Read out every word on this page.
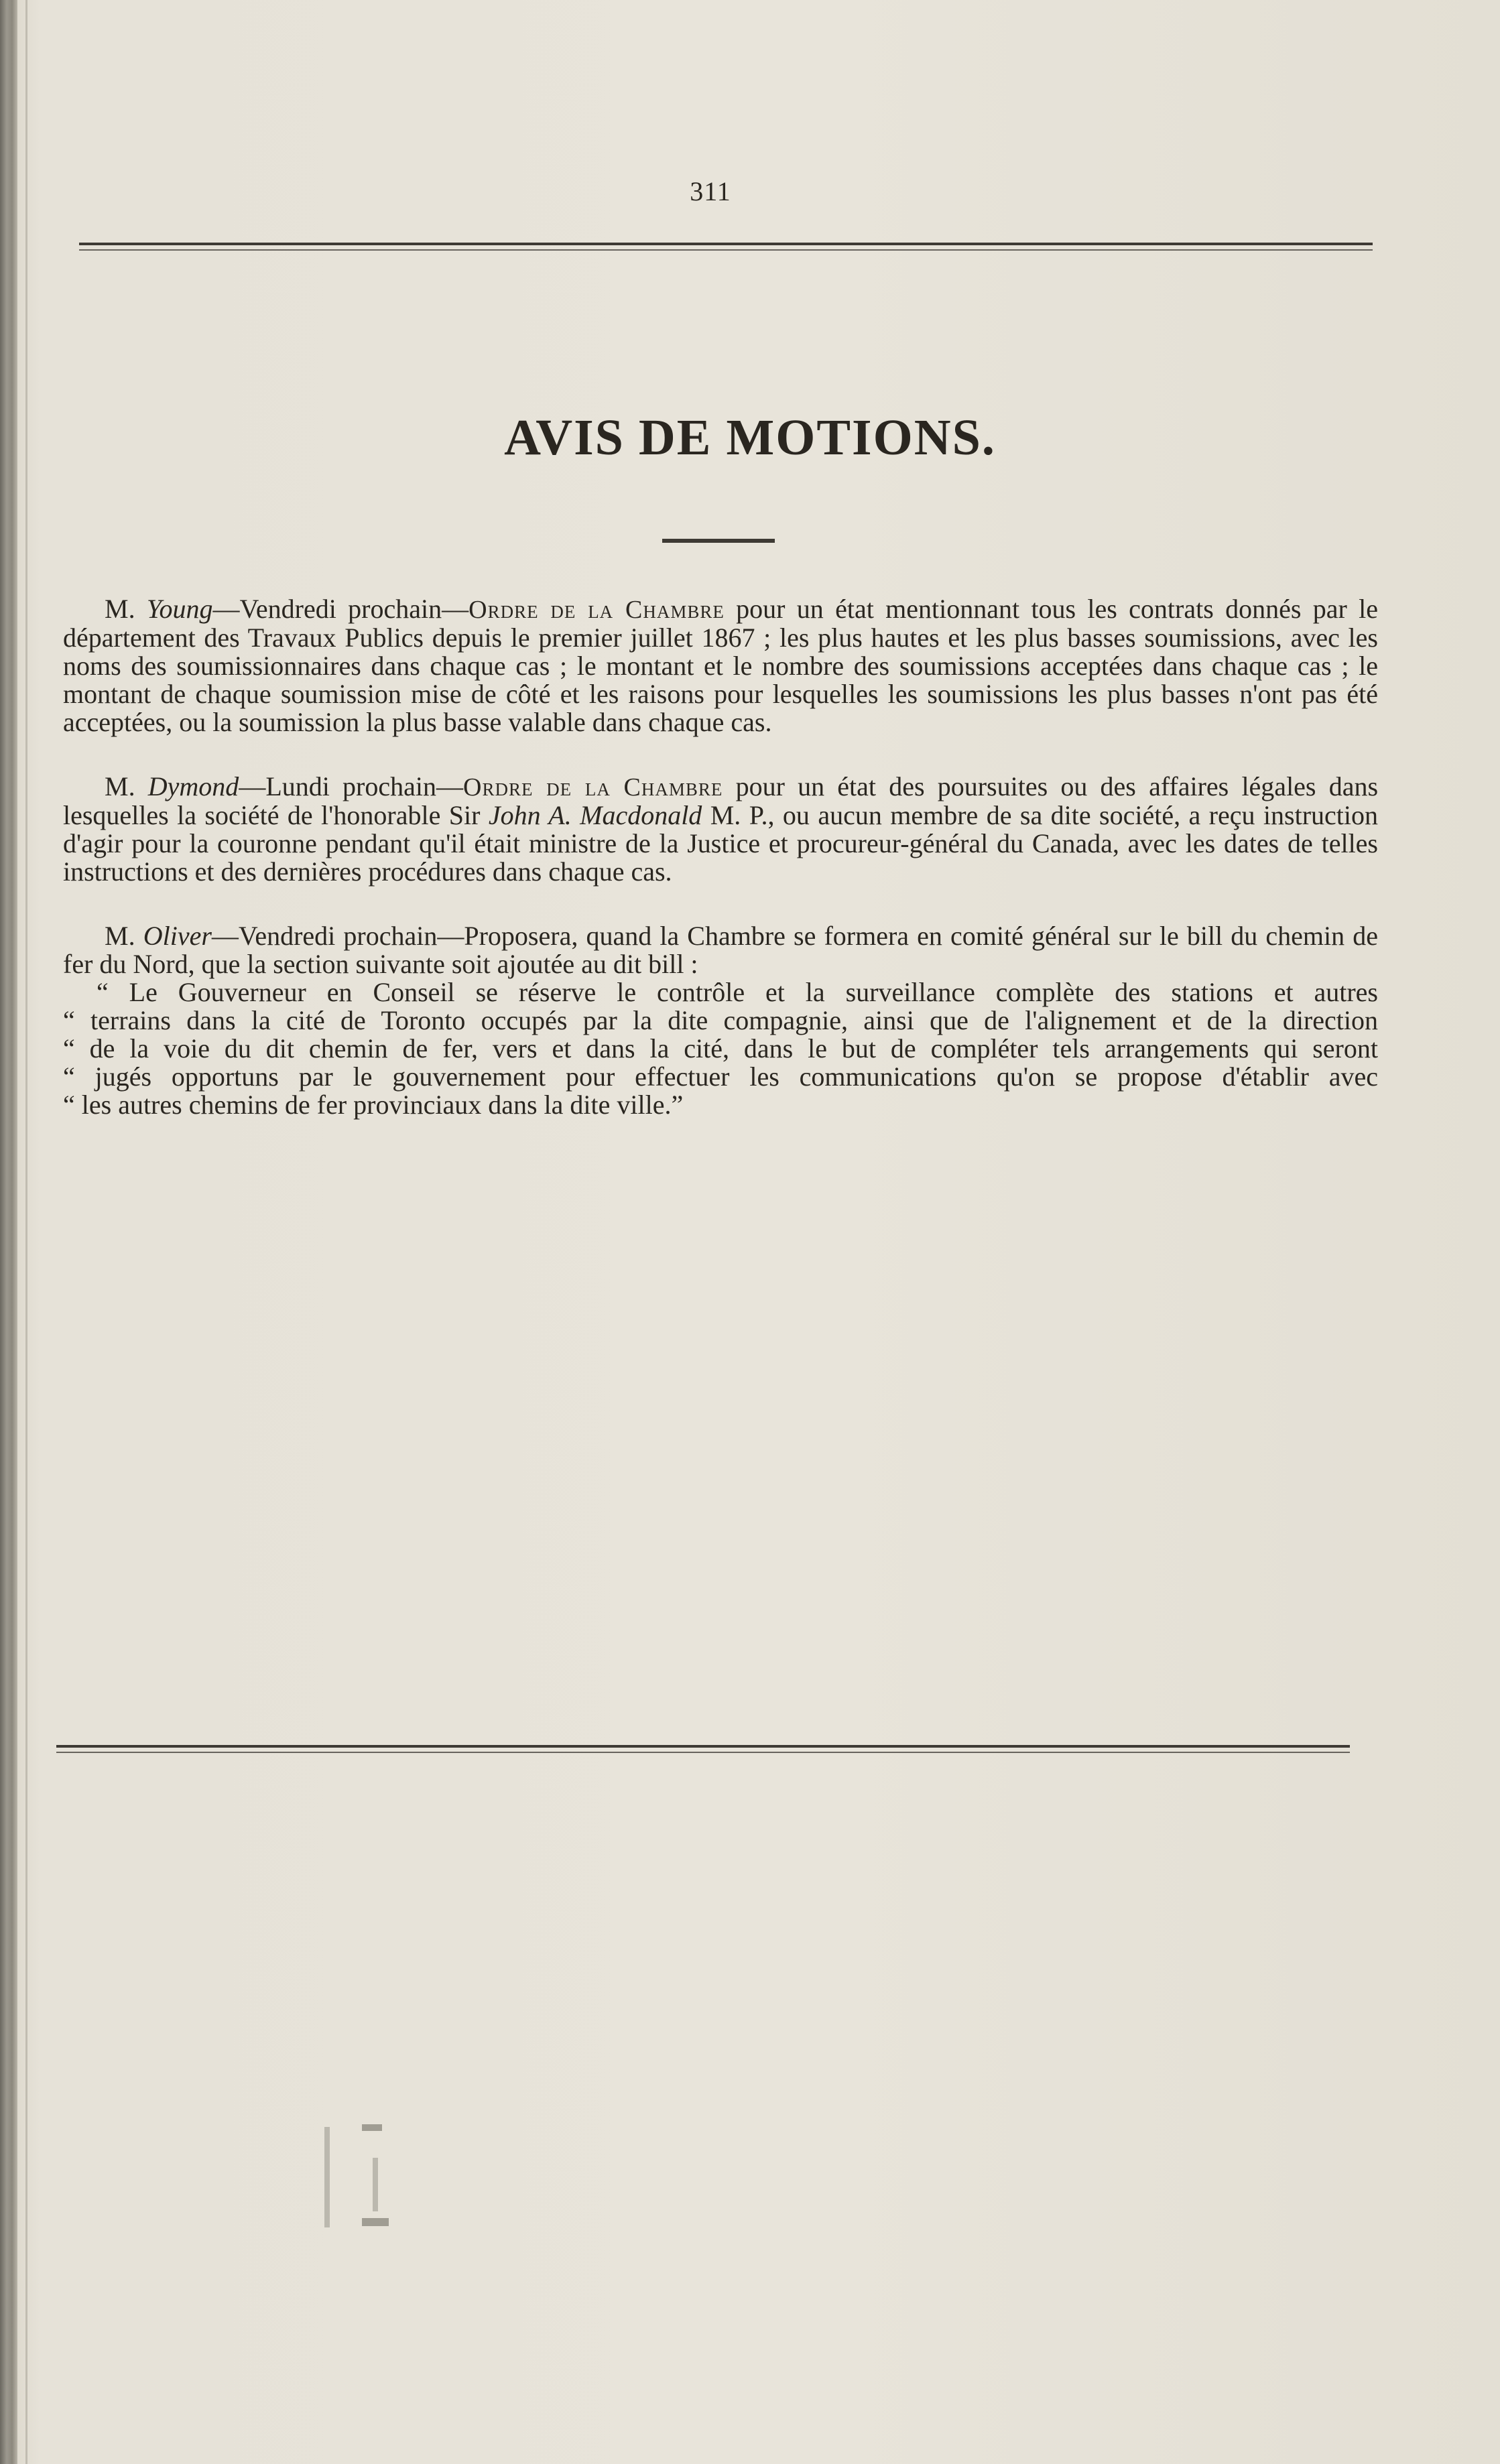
311
AVIS DE MOTIONS.

M. Young—Vendredi prochain—Ordre de la Chambre pour un état mentionnant tous les contrats donnés par le département des Travaux Publics depuis le premier juillet 1867 ; les plus hautes et les plus basses soumissions, avec les noms des soumissionnaires dans chaque cas ; le montant et le nombre des soumissions acceptées dans chaque cas ; le montant de chaque soumission mise de côté et les raisons pour lesquelles les soumissions les plus basses n'ont pas été acceptées, ou la soumission la plus basse valable dans chaque cas.

M. Dymond—Lundi prochain—Ordre de la Chambre pour un état des poursuites ou des affaires légales dans lesquelles la société de l'honorable Sir John A. Macdonald M. P., ou aucun membre de sa dite société, a reçu instruction d'agir pour la couronne pendant qu'il était ministre de la Justice et procureur-général du Canada, avec les dates de telles instructions et des dernières procédures dans chaque cas.

M. Oliver—Vendredi prochain—Proposera, quand la Chambre se formera en comité général sur le bill du chemin de fer du Nord, que la section suivante soit ajoutée au dit bill :

“ Le Gouverneur en Conseil se réserve le contrôle et la surveillance complète des stations et autres
“ terrains dans la cité de Toronto occupés par la dite compagnie, ainsi que de l'alignement et de la direction
“ de la voie du dit chemin de fer, vers et dans la cité, dans le but de compléter tels arrangements qui seront
“ jugés opportuns par le gouvernement pour effectuer les communications qu'on se propose d'établir avec
“ les autres chemins de fer provinciaux dans la dite ville.”
